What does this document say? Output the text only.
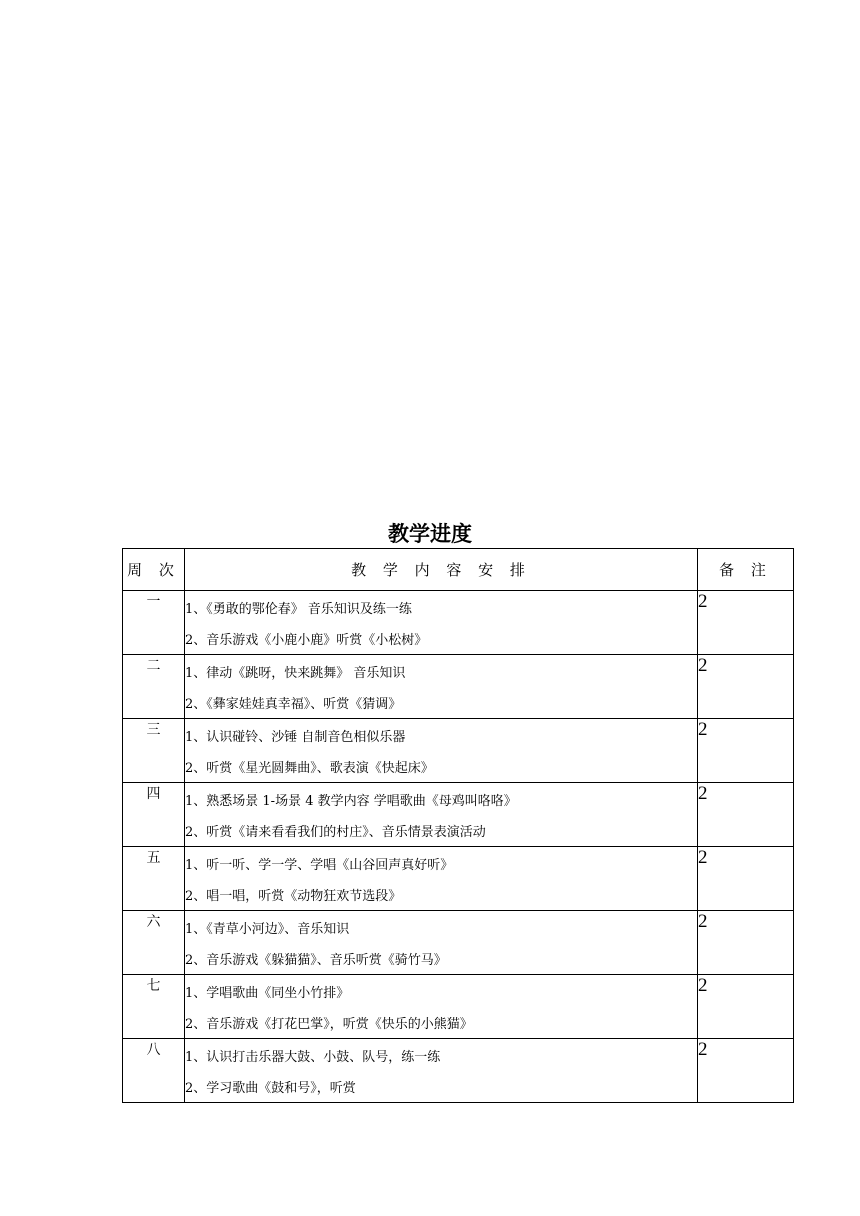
教学进度
周 次	教 学 内 容 安 排	备 注
一	1、《勇敢的鄂伦春》 音乐知识及练一练
2、音乐游戏《小鹿小鹿》听赏《小松树》	2
二	1、律动《跳呀，快来跳舞》 音乐知识
2、《彝家娃娃真幸福》、听赏《猜调》	2
三	1、认识碰铃、沙锤 自制音色相似乐器
2、听赏《星光圆舞曲》、歌表演《快起床》	2
四	1、熟悉场景 1-场景 4 教学内容 学唱歌曲《母鸡叫咯咯》
2、听赏《请来看看我们的村庄》、音乐情景表演活动	2
五	1、听一听、学一学、学唱《山谷回声真好听》
2、唱一唱，听赏《动物狂欢节选段》	2
六	1、《青草小河边》、音乐知识
2、音乐游戏《躲猫猫》、音乐听赏《骑竹马》	2
七	1、学唱歌曲《同坐小竹排》
2、音乐游戏《打花巴掌》，听赏《快乐的小熊猫》	2
八	1、认识打击乐器大鼓、小鼓、队号，练一练
2、学习歌曲《鼓和号》，听赏	2
